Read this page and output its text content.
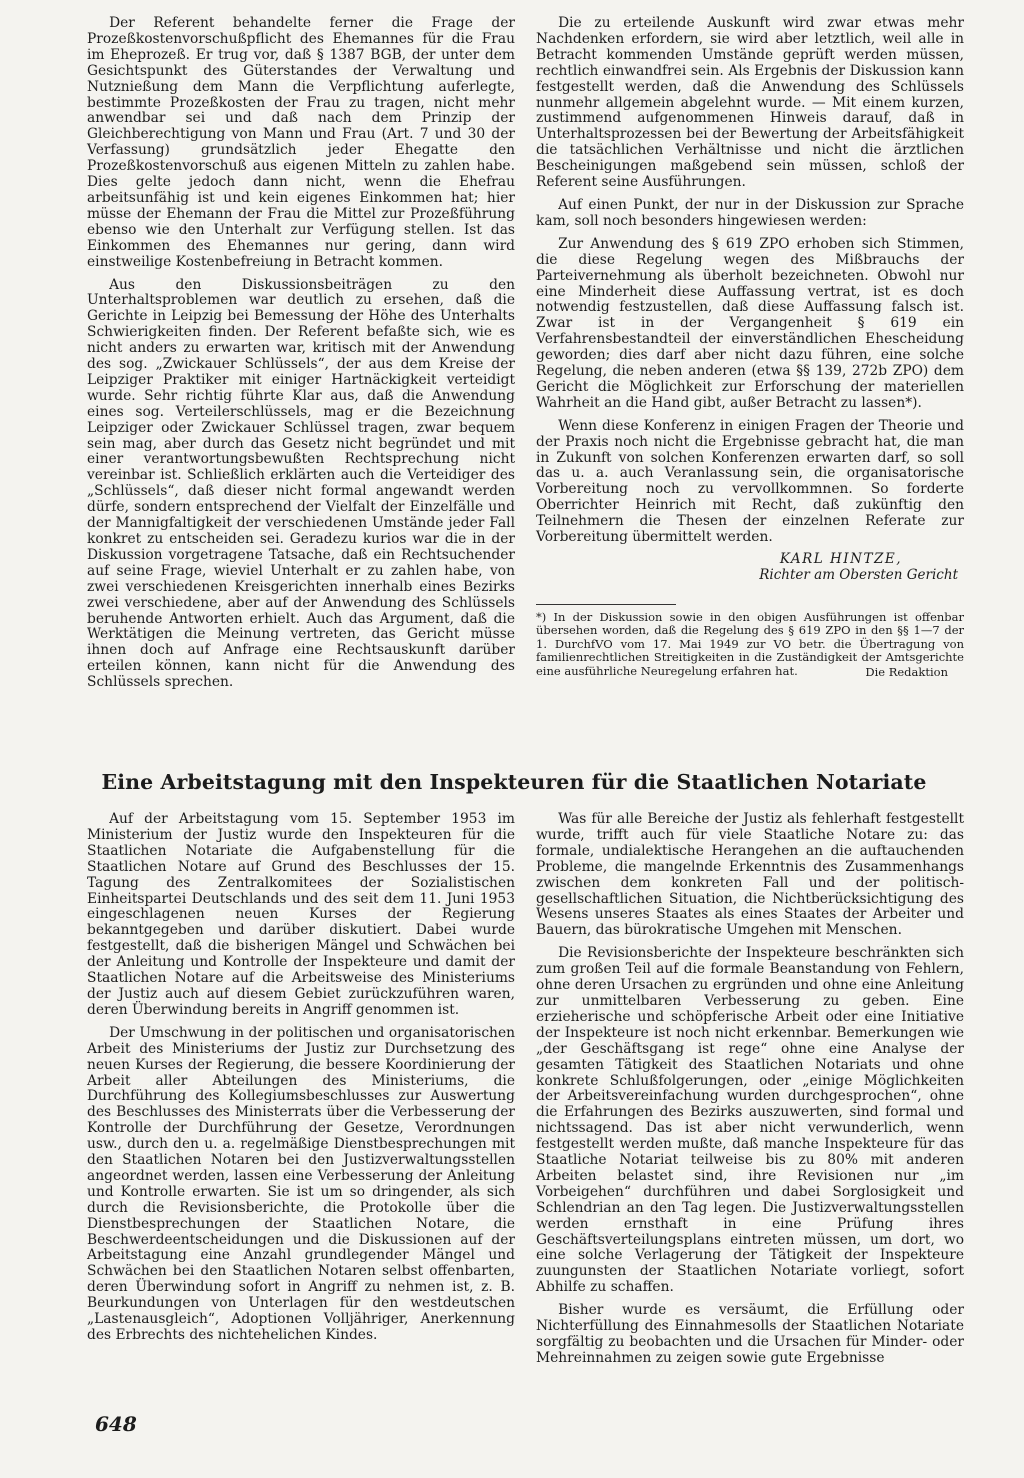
Der Referent behandelte ferner die Frage der Prozeßkostenvorschußpflicht des Ehemannes für die Frau im Eheprozeß. Er trug vor, daß § 1387 BGB, der unter dem Gesichtspunkt des Güterstandes der Verwaltung und Nutznießung dem Mann die Verpflichtung auferlegte, bestimmte Prozeßkosten der Frau zu tragen, nicht mehr anwendbar sei und daß nach dem Prinzip der Gleichberechtigung von Mann und Frau (Art. 7 und 30 der Verfassung) grundsätzlich jeder Ehegatte den Prozeßkostenvorschuß aus eigenen Mitteln zu zahlen habe. Dies gelte jedoch dann nicht, wenn die Ehefrau arbeitsunfähig ist und kein eigenes Einkommen hat; hier müsse der Ehemann der Frau die Mittel zur Prozeßführung ebenso wie den Unterhalt zur Verfügung stellen. Ist das Einkommen des Ehemannes nur gering, dann wird einstweilige Kostenbefreiung in Betracht kommen.

Aus den Diskussionsbeiträgen zu den Unterhaltsproblemen war deutlich zu ersehen, daß die Gerichte in Leipzig bei Bemessung der Höhe des Unterhalts Schwierigkeiten finden. Der Referent befaßte sich, wie es nicht anders zu erwarten war, kritisch mit der Anwendung des sog. „Zwickauer Schlüssels“, der aus dem Kreise der Leipziger Praktiker mit einiger Hartnäckigkeit verteidigt wurde. Sehr richtig führte Klar aus, daß die Anwendung eines sog. Verteilerschlüssels, mag er die Bezeichnung Leipziger oder Zwickauer Schlüssel tragen, zwar bequem sein mag, aber durch das Gesetz nicht begründet und mit einer verantwortungsbewußten Rechtsprechung nicht vereinbar ist. Schließlich erklärten auch die Verteidiger des „Schlüssels“, daß dieser nicht formal angewandt werden dürfe, sondern entsprechend der Vielfalt der Einzelfälle und der Mannigfaltigkeit der verschiedenen Umstände jeder Fall konkret zu entscheiden sei. Geradezu kurios war die in der Diskussion vorgetragene Tatsache, daß ein Rechtsuchender auf seine Frage, wieviel Unterhalt er zu zahlen habe, von zwei verschiedenen Kreisgerichten innerhalb eines Bezirks zwei verschiedene, aber auf der Anwendung des Schlüssels beruhende Antworten erhielt. Auch das Argument, daß die Werktätigen die Meinung vertreten, das Gericht müsse ihnen doch auf Anfrage eine Rechtsauskunft darüber erteilen können, kann nicht für die Anwendung des Schlüssels sprechen.

Die zu erteilende Auskunft wird zwar etwas mehr Nachdenken erfordern, sie wird aber letztlich, weil alle in Betracht kommenden Umstände geprüft werden müssen, rechtlich einwandfrei sein. Als Ergebnis der Diskussion kann festgestellt werden, daß die Anwendung des Schlüssels nunmehr allgemein abgelehnt wurde. — Mit einem kurzen, zustimmend aufgenommenen Hinweis darauf, daß in Unterhaltsprozessen bei der Bewertung der Arbeitsfähigkeit die tatsächlichen Verhältnisse und nicht die ärztlichen Bescheinigungen maßgebend sein müssen, schloß der Referent seine Ausführungen.

Auf einen Punkt, der nur in der Diskussion zur Sprache kam, soll noch besonders hingewiesen werden:

Zur Anwendung des § 619 ZPO erhoben sich Stimmen, die diese Regelung wegen des Mißbrauchs der Parteivernehmung als überholt bezeichneten. Obwohl nur eine Minderheit diese Auffassung vertrat, ist es doch notwendig festzustellen, daß diese Auffassung falsch ist. Zwar ist in der Vergangenheit § 619 ein Verfahrensbestandteil der einverständlichen Ehescheidung geworden; dies darf aber nicht dazu führen, eine solche Regelung, die neben anderen (etwa §§ 139, 272b ZPO) dem Gericht die Möglichkeit zur Erforschung der materiellen Wahrheit an die Hand gibt, außer Betracht zu lassen*).

Wenn diese Konferenz in einigen Fragen der Theorie und der Praxis noch nicht die Ergebnisse gebracht hat, die man in Zukunft von solchen Konferenzen erwarten darf, so soll das u. a. auch Veranlassung sein, die organisatorische Vorbereitung noch zu vervollkommnen. So forderte Oberrichter Heinrich mit Recht, daß zukünftig den Teilnehmern die Thesen der einzelnen Referate zur Vorbereitung übermittelt werden.

KARL HINTZE,
Richter am Obersten Gericht
*) In der Diskussion sowie in den obigen Ausführungen ist offenbar übersehen worden, daß die Regelung des § 619 ZPO in den §§ 1—7 der 1. DurchfVO vom 17. Mai 1949 zur VO betr. die Übertragung von familienrechtlichen Streitigkeiten in die Zuständigkeit der Amtsgerichte eine ausführliche Neuregelung erfahren hat.	Die Redaktion
Eine Arbeitstagung mit den Inspekteuren für die Staatlichen Notariate

Auf der Arbeitstagung vom 15. September 1953 im Ministerium der Justiz wurde den Inspekteuren für die Staatlichen Notariate die Aufgabenstellung für die Staatlichen Notare auf Grund des Beschlusses der 15. Tagung des Zentralkomitees der Sozialistischen Einheitspartei Deutschlands und des seit dem 11. Juni 1953 eingeschlagenen neuen Kurses der Regierung bekanntgegeben und darüber diskutiert. Dabei wurde festgestellt, daß die bisherigen Mängel und Schwächen bei der Anleitung und Kontrolle der Inspekteure und damit der Staatlichen Notare auf die Arbeitsweise des Ministeriums der Justiz auch auf diesem Gebiet zurückzuführen waren, deren Überwindung bereits in Angriff genommen ist.

Der Umschwung in der politischen und organisatorischen Arbeit des Ministeriums der Justiz zur Durchsetzung des neuen Kurses der Regierung, die bessere Koordinierung der Arbeit aller Abteilungen des Ministeriums, die Durchführung des Kollegiumsbeschlusses zur Auswertung des Beschlusses des Ministerrats über die Verbesserung der Kontrolle der Durchführung der Gesetze, Verordnungen usw., durch den u. a. regelmäßige Dienstbesprechungen mit den Staatlichen Notaren bei den Justizverwaltungsstellen angeordnet werden, lassen eine Verbesserung der Anleitung und Kontrolle erwarten. Sie ist um so dringender, als sich durch die Revisionsberichte, die Protokolle über die Dienstbesprechungen der Staatlichen Notare, die Beschwerdeentscheidungen und die Diskussionen auf der Arbeitstagung eine Anzahl grundlegender Mängel und Schwächen bei den Staatlichen Notaren selbst offenbarten, deren Überwindung sofort in Angriff zu nehmen ist, z. B. Beurkundungen von Unterlagen für den westdeutschen „Lastenausgleich“, Adoptionen Volljähriger, Anerkennung des Erbrechts des nichtehelichen Kindes.

Was für alle Bereiche der Justiz als fehlerhaft festgestellt wurde, trifft auch für viele Staatliche Notare zu: das formale, undialektische Herangehen an die auftauchenden Probleme, die mangelnde Erkenntnis des Zusammenhangs zwischen dem konkreten Fall und der politisch-gesellschaftlichen Situation, die Nichtberücksichtigung des Wesens unseres Staates als eines Staates der Arbeiter und Bauern, das bürokratische Umgehen mit Menschen.

Die Revisionsberichte der Inspekteure beschränkten sich zum großen Teil auf die formale Beanstandung von Fehlern, ohne deren Ursachen zu ergründen und ohne eine Anleitung zur unmittelbaren Verbesserung zu geben. Eine erzieherische und schöpferische Arbeit oder eine Initiative der Inspekteure ist noch nicht erkennbar. Bemerkungen wie „der Geschäftsgang ist rege“ ohne eine Analyse der gesamten Tätigkeit des Staatlichen Notariats und ohne konkrete Schlußfolgerungen, oder „einige Möglichkeiten der Arbeitsvereinfachung wurden durchgesprochen“, ohne die Erfahrungen des Bezirks auszuwerten, sind formal und nichtssagend. Das ist aber nicht verwunderlich, wenn festgestellt werden mußte, daß manche Inspekteure für das Staatliche Notariat teilweise bis zu 80% mit anderen Arbeiten belastet sind, ihre Revisionen nur „im Vorbeigehen“ durchführen und dabei Sorglosigkeit und Schlendrian an den Tag legen. Die Justizverwaltungsstellen werden ernsthaft in eine Prüfung ihres Geschäftsverteilungsplans eintreten müssen, um dort, wo eine solche Verlagerung der Tätigkeit der Inspekteure zuungunsten der Staatlichen Notariate vorliegt, sofort Abhilfe zu schaffen.

Bisher wurde es versäumt, die Erfüllung oder Nichterfüllung des Einnahmesolls der Staatlichen Notariate sorgfältig zu beobachten und die Ursachen für Minder- oder Mehreinnahmen zu zeigen sowie gute Ergebnisse

648
